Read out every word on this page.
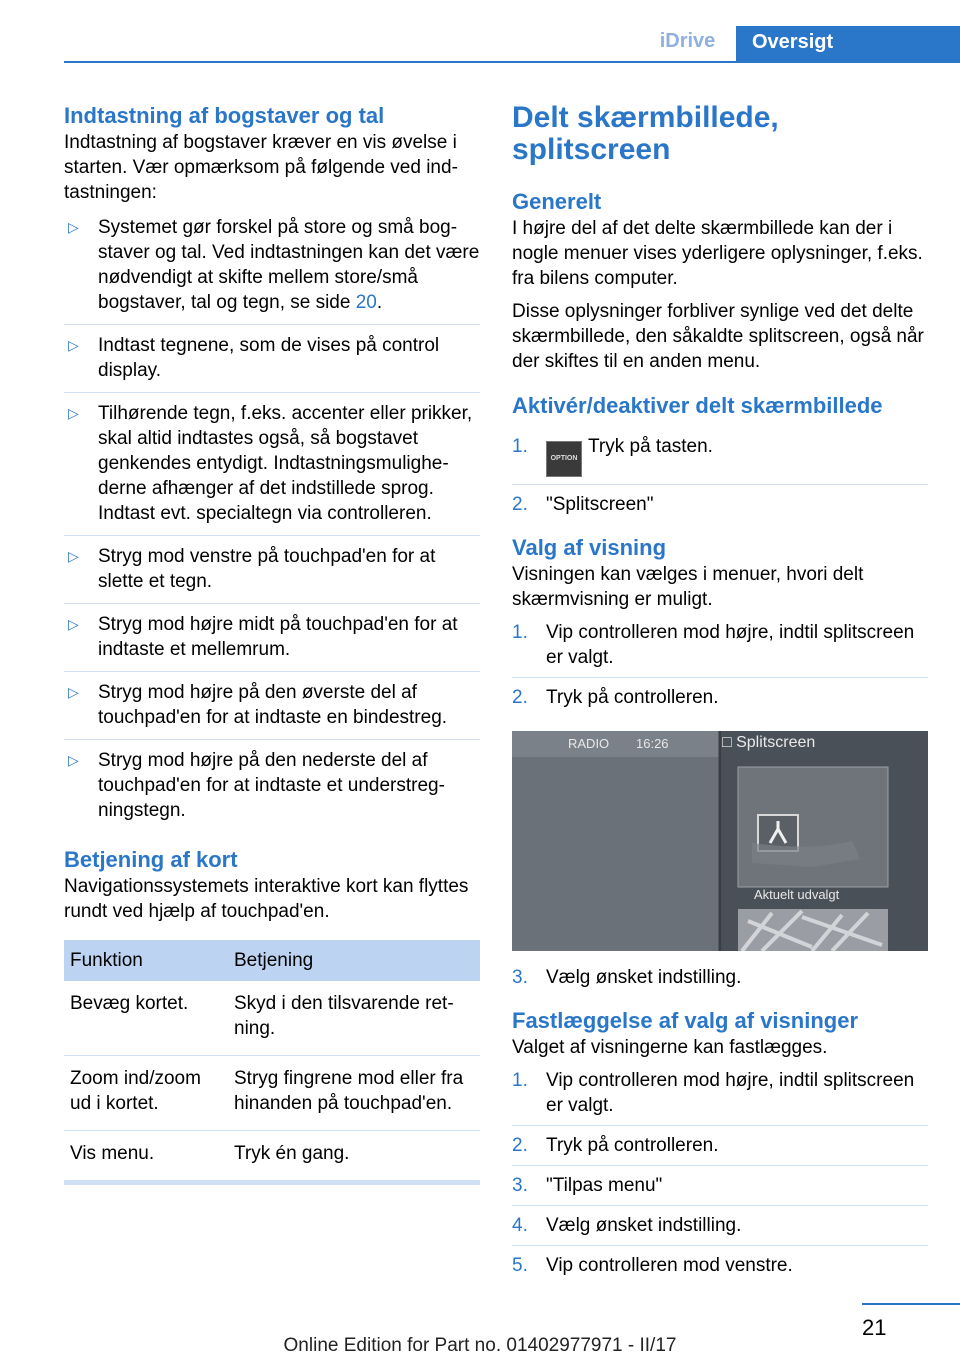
iDrive	Oversigt
Indtastning af bogstaver og tal

Indtastning af bogstaver kræver en vis øvelse i starten. Vær opmærksom på følgende ved indtastningen:

▷ Systemet gør forskel på store og små bogstaver og tal. Ved indtastningen kan det være nødvendigt at skifte mellem store/små bogstaver, tal og tegn, se side 20.
▷ Indtast tegnene, som de vises på control display.
▷ Tilhørende tegn, f.eks. accenter eller prikker, skal altid indtastes også, så bogstavet genkendes entydigt. Indtastningsmulighederne afhænger af det indstillede sprog. Indtast evt. specialtegn via controlleren.
▷ Stryg mod venstre på touchpad'en for at slette et tegn.
▷ Stryg mod højre midt på touchpad'en for at indtaste et mellemrum.
▷ Stryg mod højre på den øverste del af touchpad'en for at indtaste en bindestreg.
▷ Stryg mod højre på den nederste del af touchpad'en for at indtaste et understregningstegn.
Betjening af kort

Navigationssystemets interaktive kort kan flyttes rundt ved hjælp af touchpad'en.

Funktion	Betjening
Bevæg kortet.	Skyd i den tilsvarende retning.
Zoom ind/zoom ud i kortet.	Stryg fingrene mod eller fra hinanden på touchpad'en.
Vis menu.	Tryk én gang.
Delt skærmbillede, splitscreen
Generelt

I højre del af det delte skærmbillede kan der i nogle menuer vises yderligere oplysninger, f.eks. fra bilens computer.

Disse oplysninger forbliver synlige ved det delte skærmbillede, den såkaldte splitscreen, også når der skiftes til en anden menu.

Aktivér/deaktiver delt skærmbillede
1.
OPTIONTryk på tasten.
2. "Splitscreen"
Valg af visning

Visningen kan vælges i menuer, hvori delt skærmvisning er muligt.

1. Vip controlleren mod højre, indtil splitscreen er valgt.
2. Tryk på controlleren.
RADIO 16:26	□ Splitscreen
Aktuelt udvalgt
3. Vælg ønsket indstilling.
Fastlæggelse af valg af visninger

Valget af visningerne kan fastlægges.

1. Vip controlleren mod højre, indtil splitscreen er valgt.
2. Tryk på controlleren.
3. "Tilpas menu"
4. Vælg ønsket indstilling.
5. Vip controlleren mod venstre.
21
Online Edition for Part no. 01402977971 - II/17
